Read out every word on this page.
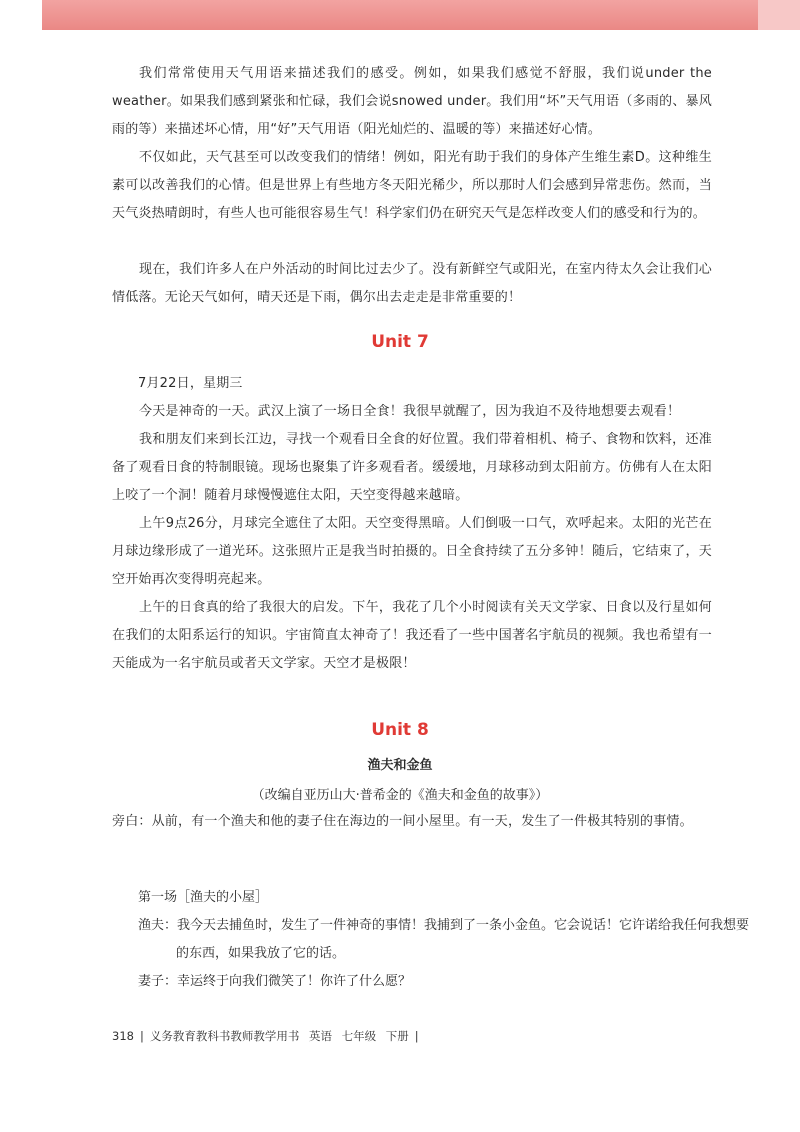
我们常常使用天气用语来描述我们的感受。例如，如果我们感觉不舒服，我们说under the weather。如果我们感到紧张和忙碌，我们会说snowed under。我们用“坏”天气用语（多雨的、暴风雨的等）来描述坏心情，用“好”天气用语（阳光灿烂的、温暖的等）来描述好心情。

不仅如此，天气甚至可以改变我们的情绪！例如，阳光有助于我们的身体产生维生素D。这种维生素可以改善我们的心情。但是世界上有些地方冬天阳光稀少，所以那时人们会感到异常悲伤。然而，当天气炎热晴朗时，有些人也可能很容易生气！科学家们仍在研究天气是怎样改变人们的感受和行为的。

现在，我们许多人在户外活动的时间比过去少了。没有新鲜空气或阳光，在室内待太久会让我们心情低落。无论天气如何，晴天还是下雨，偶尔出去走走是非常重要的！

Unit 7

7月22日，星期三

今天是神奇的一天。武汉上演了一场日全食！我很早就醒了，因为我迫不及待地想要去观看！

我和朋友们来到长江边，寻找一个观看日全食的好位置。我们带着相机、椅子、食物和饮料，还准备了观看日食的特制眼镜。现场也聚集了许多观看者。缓缓地，月球移动到太阳前方。仿佛有人在太阳上咬了一个洞！随着月球慢慢遮住太阳，天空变得越来越暗。

上午9点26分，月球完全遮住了太阳。天空变得黑暗。人们倒吸一口气，欢呼起来。太阳的光芒在月球边缘形成了一道光环。这张照片正是我当时拍摄的。日全食持续了五分多钟！随后，它结束了，天空开始再次变得明亮起来。

上午的日食真的给了我很大的启发。下午，我花了几个小时阅读有关天文学家、日食以及行星如何在我们的太阳系运行的知识。宇宙简直太神奇了！我还看了一些中国著名宇航员的视频。我也希望有一天能成为一名宇航员或者天文学家。天空才是极限！

Unit 8

渔夫和金鱼

（改编自亚历山大·普希金的《渔夫和金鱼的故事》）

旁白：从前，有一个渔夫和他的妻子住在海边的一间小屋里。有一天，发生了一件极其特别的事情。

第一场［渔夫的小屋］

渔夫：我今天去捕鱼时，发生了一件神奇的事情！我捕到了一条小金鱼。它会说话！它许诺给我任何我想要的东西，如果我放了它的话。

妻子：幸运终于向我们微笑了！你许了什么愿？

318 | 义务教育教科书教师教学用书 英语 七年级 下册 |
